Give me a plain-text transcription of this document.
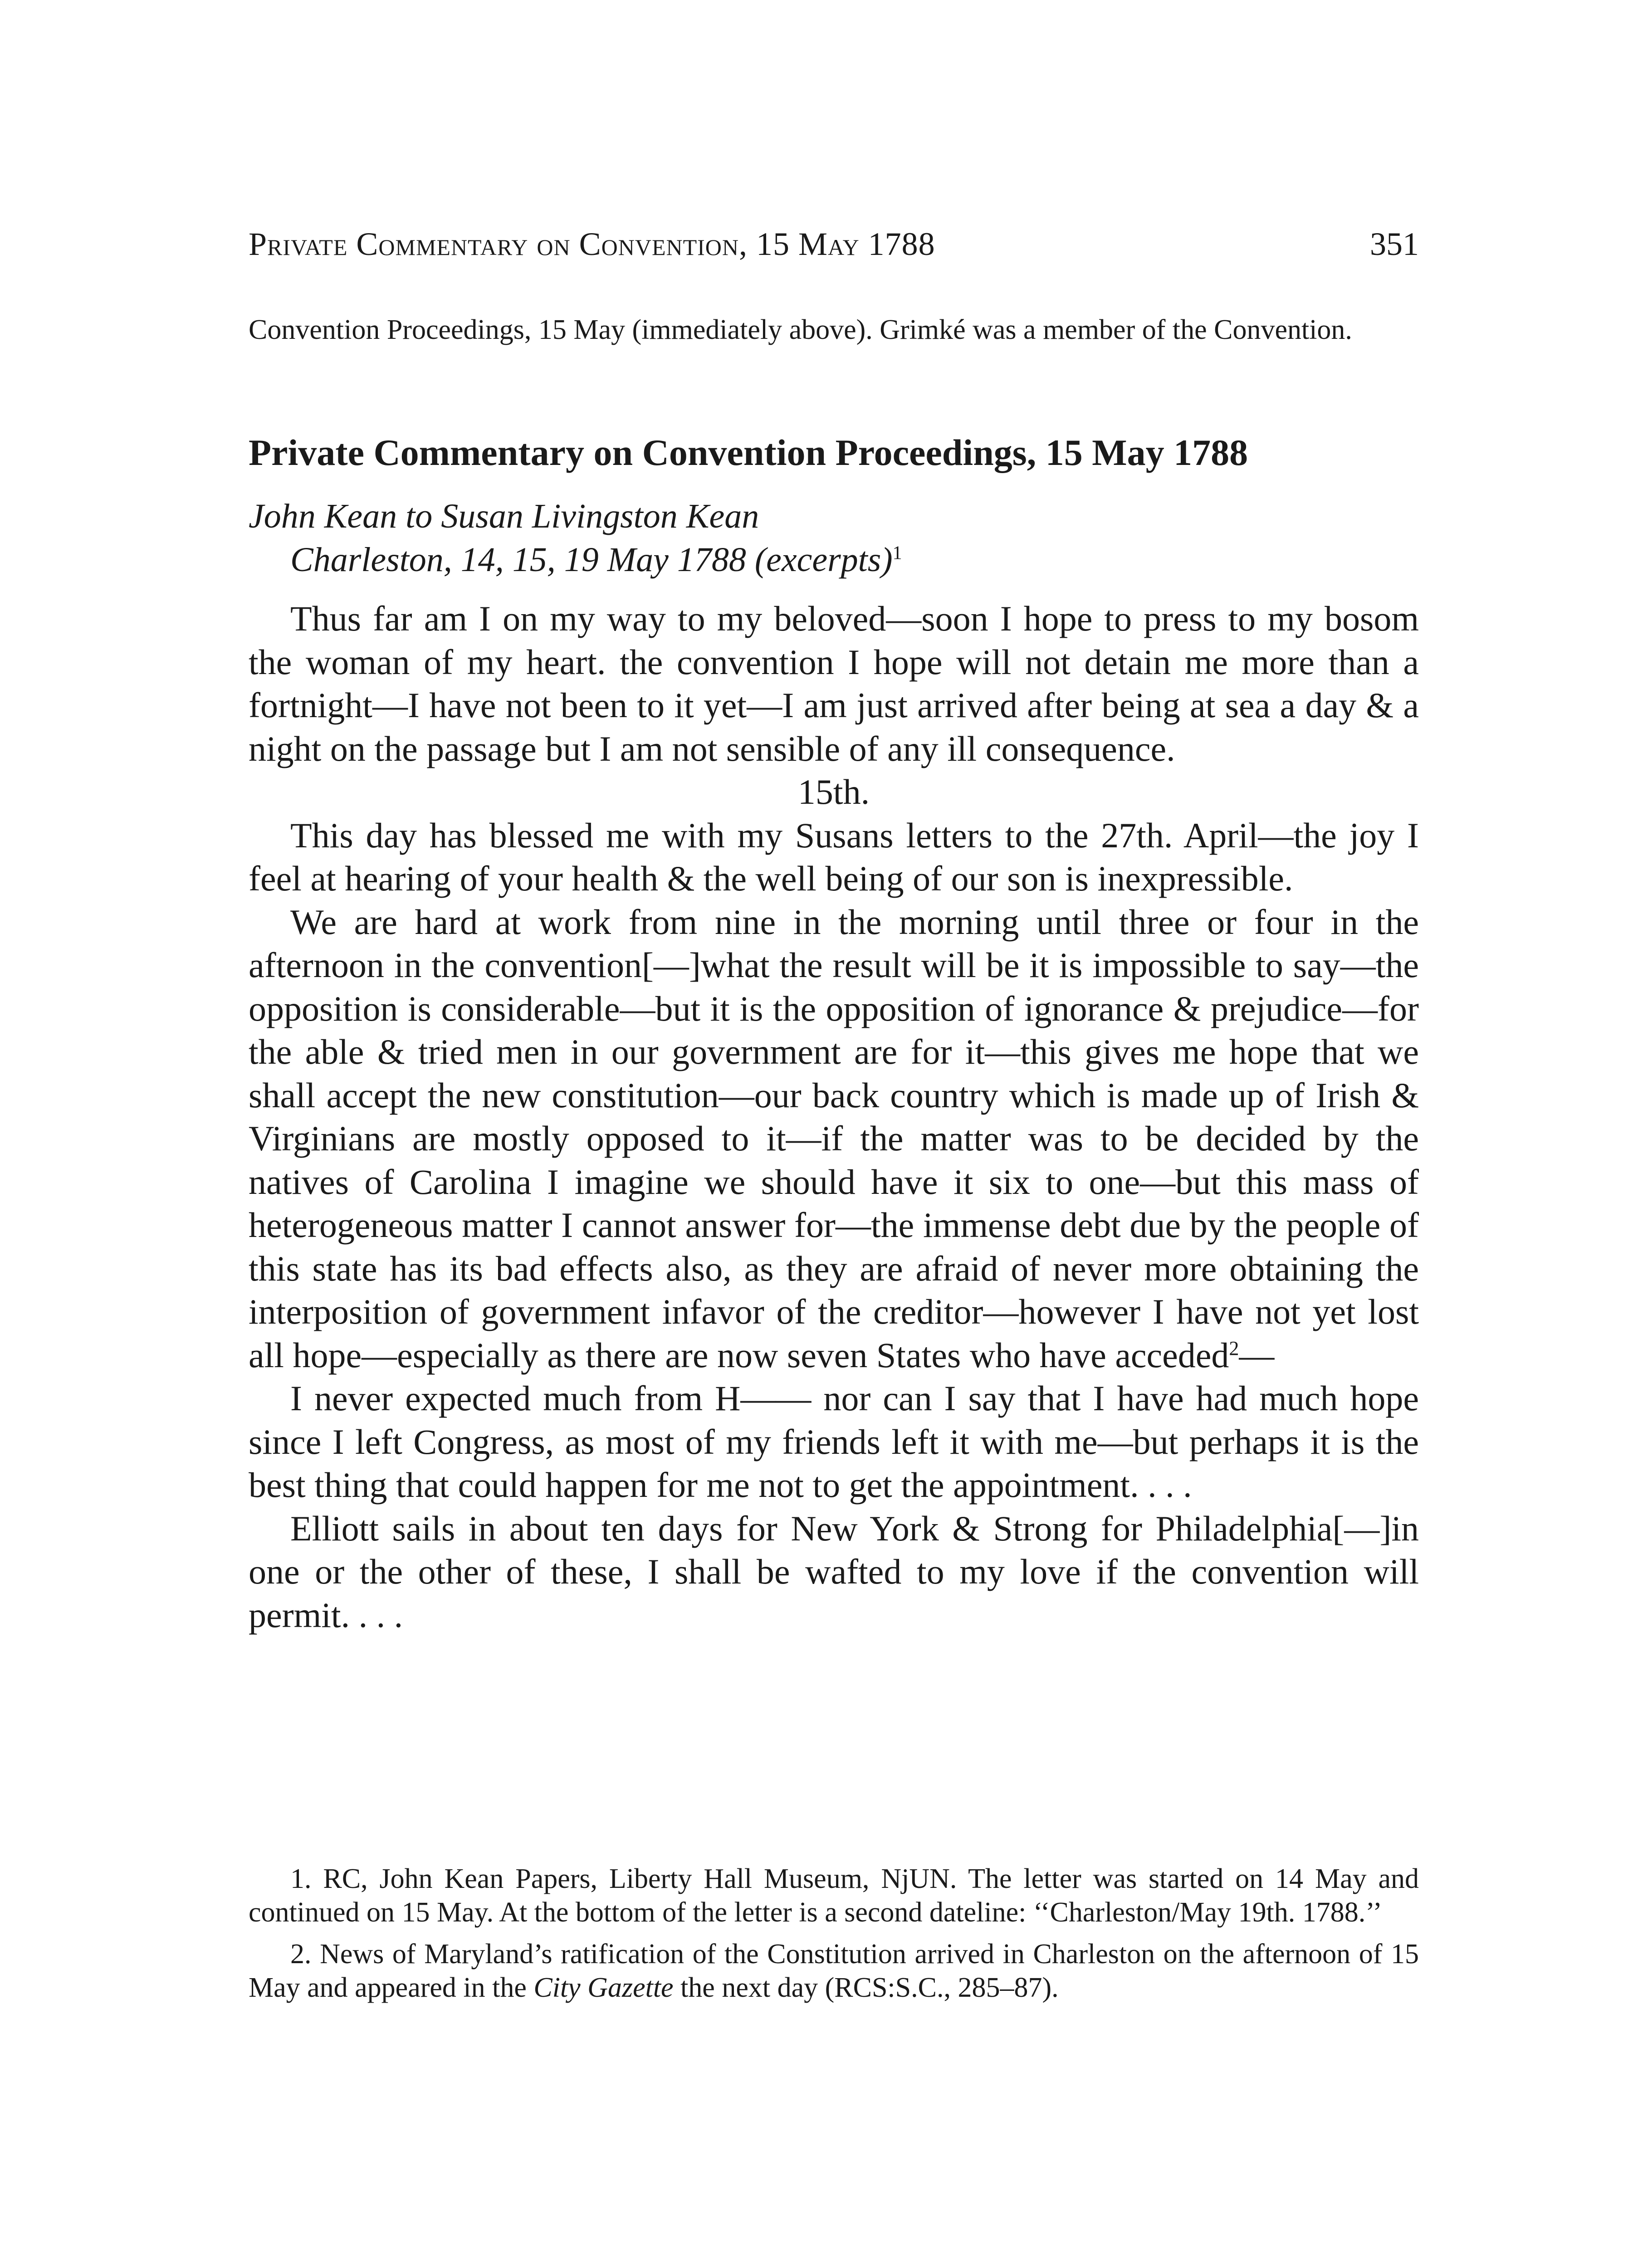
Private Commentary on Convention, 15 May 1788	351
Convention Proceedings, 15 May (immediately above). Grimké was a member of the Convention.
Private Commentary on Convention Proceedings, 15 May 1788
John Kean to Susan Livingston Kean
Charleston, 14, 15, 19 May 1788 (excerpts)$^1$

Thus far am I on my way to my beloved—soon I hope to press to my bosom the woman of my heart. the convention I hope will not detain me more than a fortnight—I have not been to it yet—I am just arrived after being at sea a day & a night on the passage but I am not sensible of any ill consequence.

15th.

This day has blessed me with my Susans letters to the 27th. April—the joy I feel at hearing of your health & the well being of our son is inexpressible.

We are hard at work from nine in the morning until three or four in the afternoon in the convention[—]what the result will be it is impossible to say—the opposition is considerable—but it is the opposition of ignorance & prejudice—for the able & tried men in our government are for it—this gives me hope that we shall accept the new constitution—our back country which is made up of Irish & Virginians are mostly opposed to it—if the matter was to be decided by the natives of Carolina I imagine we should have it six to one—but this mass of heterogeneous matter I cannot answer for—the immense debt due by the people of this state has its bad effects also, as they are afraid of never more obtaining the interposition of government infavor of the creditor—however I have not yet lost all hope—especially as there are now seven States who have acceded$^2$—

I never expected much from H—— nor can I say that I have had much hope since I left Congress, as most of my friends left it with me—but perhaps it is the best thing that could happen for me not to get the appointment. . . .

Elliott sails in about ten days for New York & Strong for Philadelphia[—]in one or the other of these, I shall be wafted to my love if the convention will permit. . . .

1. RC, John Kean Papers, Liberty Hall Museum, NjUN. The letter was started on 14 May and continued on 15 May. At the bottom of the letter is a second dateline: ‘‘Charleston/May 19th. 1788.’’

2. News of Maryland’s ratification of the Constitution arrived in Charleston on the afternoon of 15 May and appeared in the City Gazette the next day (RCS:S.C., 285–87).
